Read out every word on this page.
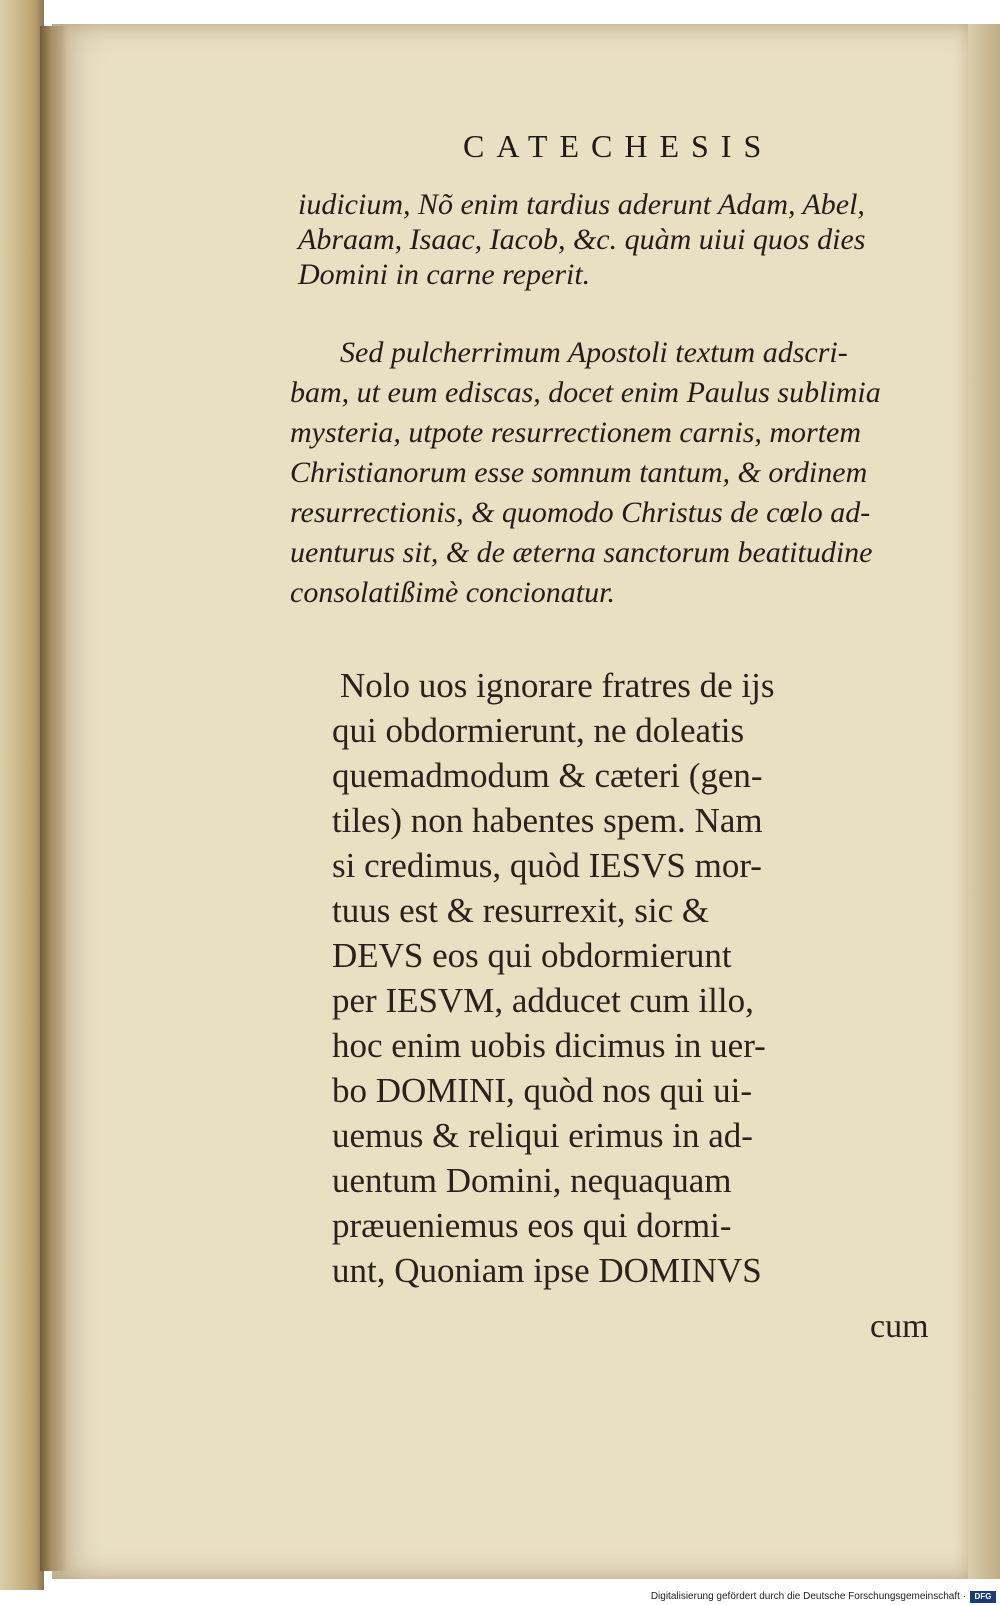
CATECHESIS
iudicium, Nõ enim tardius aderunt Adam, Abel,
Abraam, Isaac, Iacob, &c. quàm uiui quos dies
Domini in carne reperit.
Sed pulcherrimum Apostoli textum adscri-
bam, ut eum ediscas, docet enim Paulus sublimia
mysteria, utpote resurrectionem carnis, mortem
Christianorum esse somnum tantum, & ordinem
resurrectionis, & quomodo Christus de cœlo ad-
uenturus sit, & de æterna sanctorum beatitudine
consolatißimè concionatur.
Nolo uos ignorare fratres de ijs
qui obdormierunt, ne doleatis
quemadmodum & cæteri (gen-
tiles) non habentes spem. Nam
si credimus, quòd IESVS mor-
tuus est & resurrexit, sic &
DEVS eos qui obdormierunt
per IESVM, adducet cum illo,
hoc enim uobis dicimus in uer-
bo DOMINI, quòd nos qui ui-
uemus & reliqui erimus in ad-
uentum Domini, nequaquam
præueniemus eos qui dormi-
unt, Quoniam ipse DOMINVS
cum
Digitalisierung gefördert durch die Deutsche Forschungsgemeinschaft ·	DFG
